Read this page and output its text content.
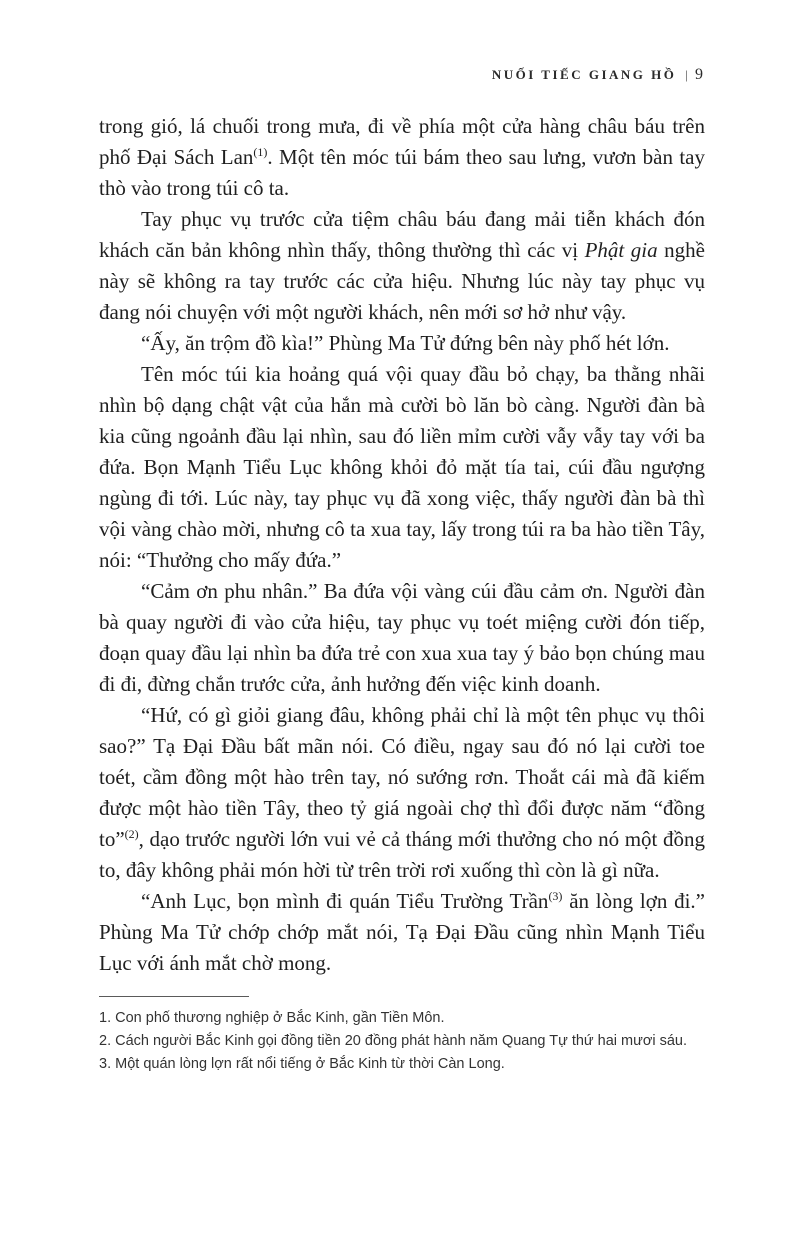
NUỐI TIẾC GIANG HỒ | 9

trong gió, lá chuối trong mưa, đi về phía một cửa hàng châu báu trên phố Đại Sách Lan$^{(1)}$. Một tên móc túi bám theo sau lưng, vươn bàn tay thò vào trong túi cô ta.

Tay phục vụ trước cửa tiệm châu báu đang mải tiễn khách đón khách căn bản không nhìn thấy, thông thường thì các vị Phật gia nghề này sẽ không ra tay trước các cửa hiệu. Nhưng lúc này tay phục vụ đang nói chuyện với một người khách, nên mới sơ hở như vậy.

“Ấy, ăn trộm đồ kìa!” Phùng Ma Tử đứng bên này phố hét lớn.

Tên móc túi kia hoảng quá vội quay đầu bỏ chạy, ba thằng nhãi nhìn bộ dạng chật vật của hắn mà cười bò lăn bò càng. Người đàn bà kia cũng ngoảnh đầu lại nhìn, sau đó liền mỉm cười vẫy vẫy tay với ba đứa. Bọn Mạnh Tiểu Lục không khỏi đỏ mặt tía tai, cúi đầu ngượng ngùng đi tới. Lúc này, tay phục vụ đã xong việc, thấy người đàn bà thì vội vàng chào mời, nhưng cô ta xua tay, lấy trong túi ra ba hào tiền Tây, nói: “Thưởng cho mấy đứa.”

“Cảm ơn phu nhân.” Ba đứa vội vàng cúi đầu cảm ơn. Người đàn bà quay người đi vào cửa hiệu, tay phục vụ toét miệng cười đón tiếp, đoạn quay đầu lại nhìn ba đứa trẻ con xua xua tay ý bảo bọn chúng mau đi đi, đừng chắn trước cửa, ảnh hưởng đến việc kinh doanh.

“Hứ, có gì giỏi giang đâu, không phải chỉ là một tên phục vụ thôi sao?” Tạ Đại Đầu bất mãn nói. Có điều, ngay sau đó nó lại cười toe toét, cầm đồng một hào trên tay, nó sướng rơn. Thoắt cái mà đã kiếm được một hào tiền Tây, theo tỷ giá ngoài chợ thì đổi được năm “đồng to”$^{(2)}$, dạo trước người lớn vui vẻ cả tháng mới thưởng cho nó một đồng to, đây không phải món hời từ trên trời rơi xuống thì còn là gì nữa.

“Anh Lục, bọn mình đi quán Tiểu Trường Trần$^{(3)}$ ăn lòng lợn đi.” Phùng Ma Tử chớp chớp mắt nói, Tạ Đại Đầu cũng nhìn Mạnh Tiểu Lục với ánh mắt chờ mong.

1. Con phố thương nghiệp ở Bắc Kinh, gần Tiền Môn.
2. Cách người Bắc Kinh gọi đồng tiền 20 đồng phát hành năm Quang Tự thứ hai mươi sáu.
3. Một quán lòng lợn rất nổi tiếng ở Bắc Kinh từ thời Càn Long.
